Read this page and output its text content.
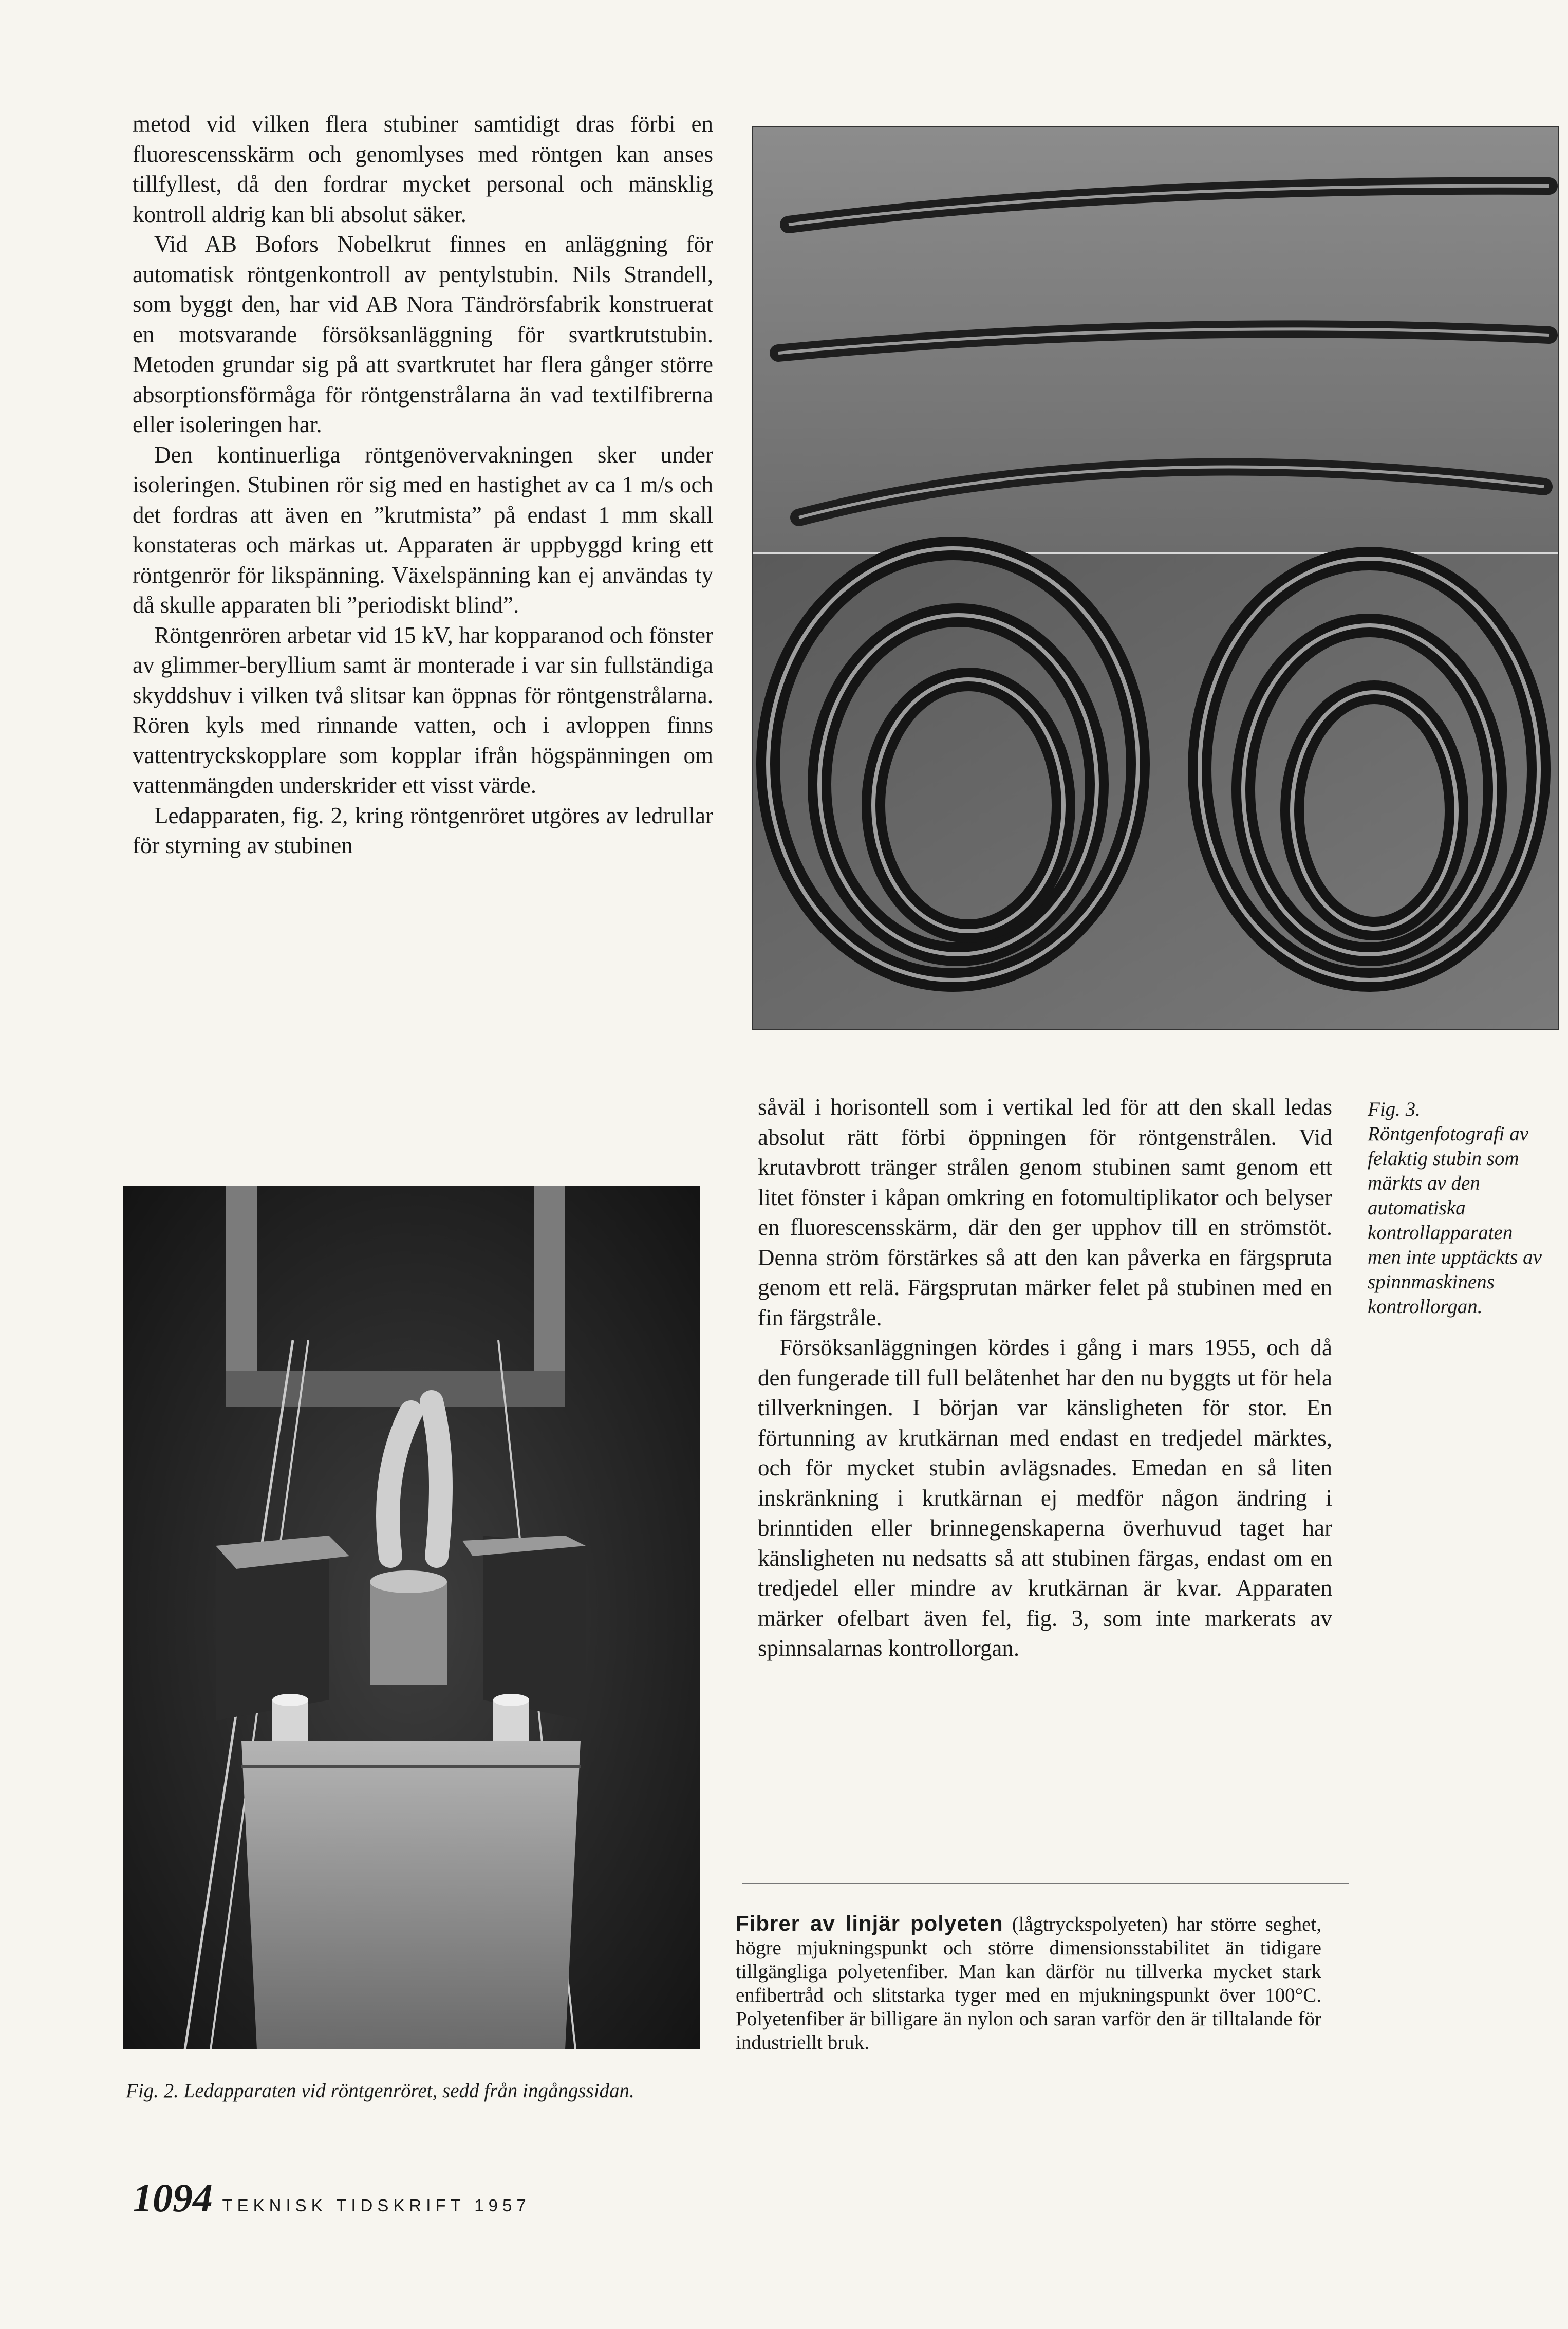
metod vid vilken flera stubiner samtidigt dras förbi en fluorescensskärm och genomlyses med röntgen kan anses tillfyllest, då den fordrar mycket personal och mänsklig kontroll aldrig kan bli absolut säker.

Vid AB Bofors Nobelkrut finnes en anläggning för automatisk röntgenkontroll av pentylstubin. Nils Strandell, som byggt den, har vid AB Nora Tändrörsfabrik konstruerat en motsvarande försöksanläggning för svartkrutstubin. Metoden grundar sig på att svartkrutet har flera gånger större absorptionsförmåga för röntgenstrålarna än vad textilfibrerna eller isoleringen har.

Den kontinuerliga röntgenövervakningen sker under isoleringen. Stubinen rör sig med en hastighet av ca 1 m/s och det fordras att även en ”krutmista” på endast 1 mm skall konstateras och märkas ut. Apparaten är uppbyggd kring ett röntgenrör för likspänning. Växelspänning kan ej användas ty då skulle apparaten bli ”periodiskt blind”.

Röntgenrören arbetar vid 15 kV, har kopparanod och fönster av glimmer-beryllium samt är monterade i var sin fullständiga skyddshuv i vilken två slitsar kan öppnas för röntgenstrålarna. Rören kyls med rinnande vatten, och i avloppen finns vattentryckskopplare som kopplar ifrån högspänningen om vattenmängden underskrider ett visst värde.

Ledapparaten, fig. 2, kring röntgenröret utgöres av ledrullar för styrning av stubinen

Fig. 3. Röntgenfotografi av felaktig stubin som märkts av den automatiska kontrollapparaten men inte upptäckts av spinnmaskinens kontrollorgan.

såväl i horisontell som i vertikal led för att den skall ledas absolut rätt förbi öppningen för röntgenstrålen. Vid krutavbrott tränger strålen genom stubinen samt genom ett litet fönster i kåpan omkring en fotomultiplikator och belyser en fluorescensskärm, där den ger upphov till en strömstöt. Denna ström förstärkes så att den kan påverka en färgspruta genom ett relä. Färgsprutan märker felet på stubinen med en fin färgstråle.

Försöksanläggningen kördes i gång i mars 1955, och då den fungerade till full belåtenhet har den nu byggts ut för hela tillverkningen. I början var känsligheten för stor. En förtunning av krutkärnan med endast en tredjedel märktes, och för mycket stubin avlägsnades. Emedan en så liten inskränkning i krutkärnan ej medför någon ändring i brinntiden eller brinnegenskaperna överhuvud taget har känsligheten nu nedsatts så att stubinen färgas, endast om en tredjedel eller mindre av krutkärnan är kvar. Apparaten märker ofelbart även fel, fig. 3, som inte markerats av spinnsalarnas kontrollorgan.

Fig. 2. Ledapparaten vid röntgenröret, sedd från ingångssidan.
Fibrer av linjär polyeten (lågtryckspolyeten) har större seghet, högre mjukningspunkt och större dimensionsstabilitet än tidigare tillgängliga polyetenfiber. Man kan därför nu tillverka mycket stark enfibertråd och slitstarka tyger med en mjukningspunkt över 100°C. Polyetenfiber är billigare än nylon och saran varför den är tilltalande för industriellt bruk.
1094 TEKNISK TIDSKRIFT 1957
